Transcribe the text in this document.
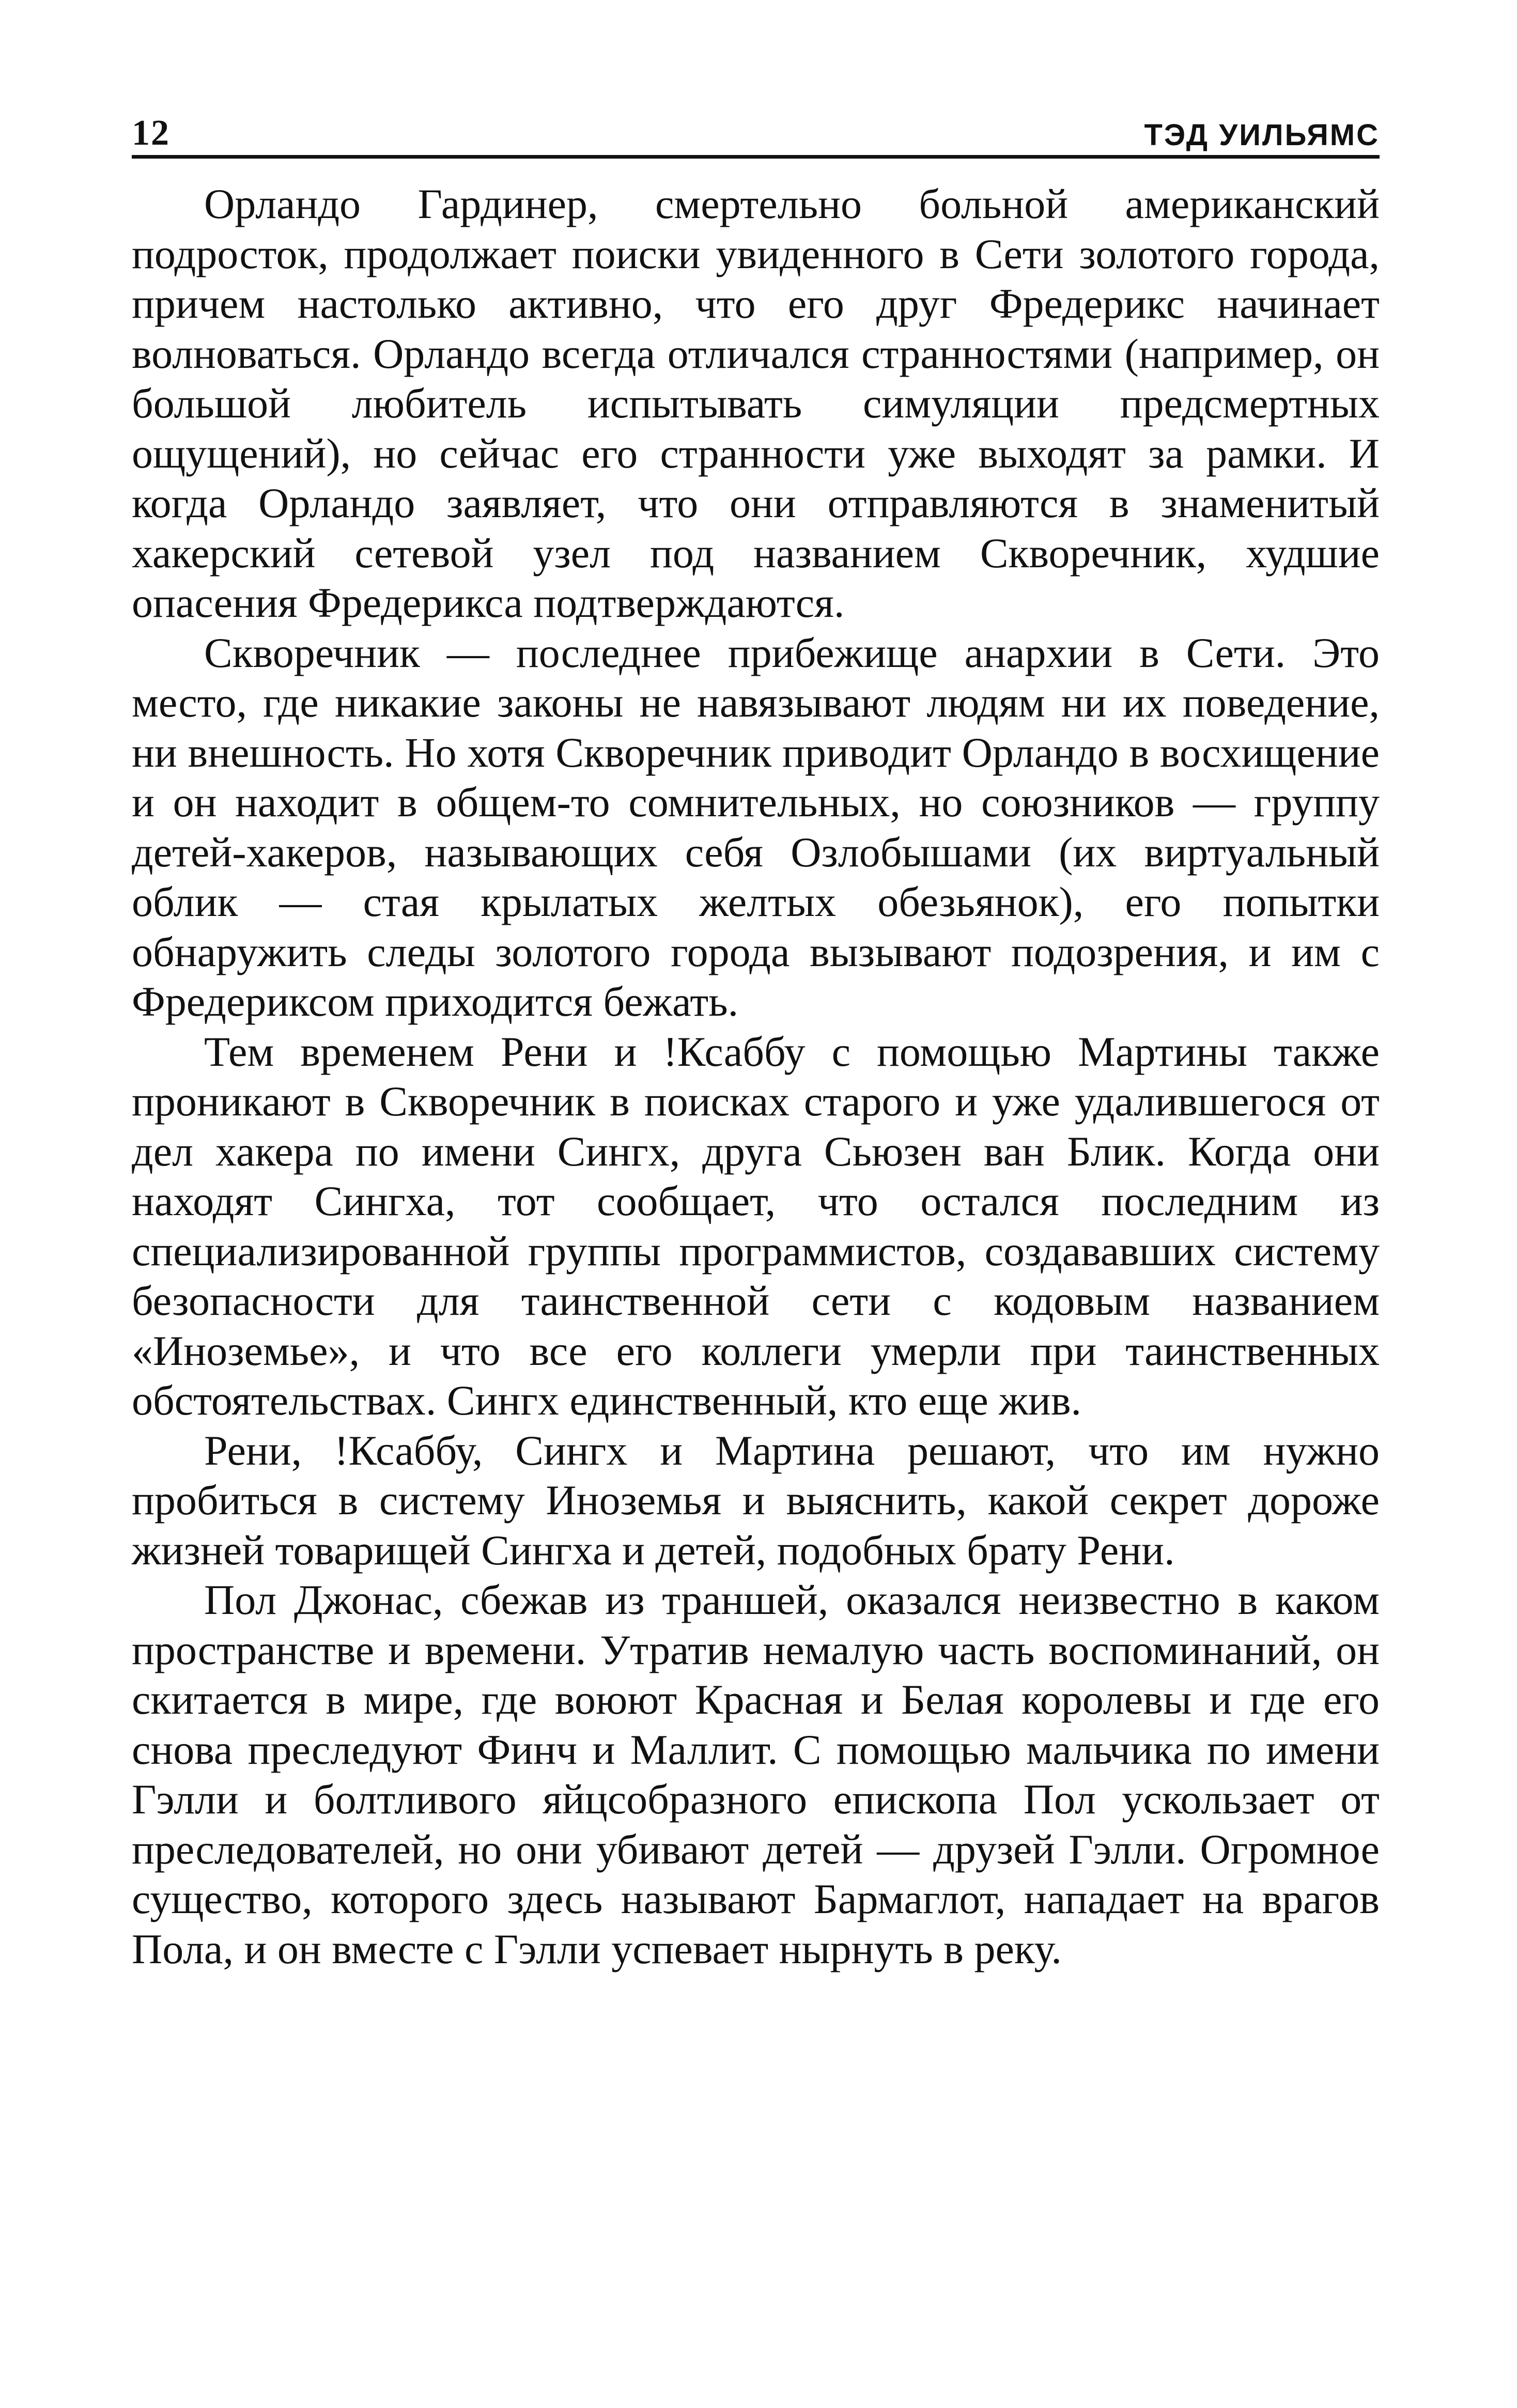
12	ТЭД УИЛЬЯМС

Орландо Гардинер, смертельно больной американский подросток, продолжает поиски увиденного в Сети золотого города, причем настолько активно, что его друг Фредерикс начинает волноваться. Орландо всегда отличался странностями (например, он большой любитель испытывать симуляции предсмертных ощущений), но сейчас его странности уже выходят за рамки. И когда Орландо заявляет, что они отправляются в знаменитый хакерский сетевой узел под названием Скворечник, худшие опасения Фредерикса подтверждаются.

Скворечник — последнее прибежище анархии в Сети. Это место, где никакие законы не навязывают людям ни их поведение, ни внешность. Но хотя Скворечник приводит Орландо в восхищение и он находит в общем-то сомнительных, но союзников — группу детей-хакеров, называющих себя Озлобышами (их виртуальный облик — стая крылатых желтых обезьянок), его попытки обнаружить следы золотого города вызывают подозрения, и им с Фредериксом приходится бежать.

Тем временем Рени и !Ксаббу с помощью Мартины также проникают в Скворечник в поисках старого и уже удалившегося от дел хакера по имени Сингх, друга Сьюзен ван Блик. Когда они находят Сингха, тот сообщает, что остался последним из специализированной группы программистов, создававших систему безопасности для таинственной сети с кодовым названием «Иноземье», и что все его коллеги умерли при таинственных обстоятельствах. Сингх единственный, кто еще жив.

Рени, !Ксаббу, Сингх и Мартина решают, что им нужно пробиться в систему Иноземья и выяснить, какой секрет дороже жизней товарищей Сингха и детей, подобных брату Рени.

Пол Джонас, сбежав из траншей, оказался неизвестно в каком пространстве и времени. Утратив немалую часть воспоминаний, он скитается в мире, где воюют Красная и Белая королевы и где его снова преследуют Финч и Маллит. С помощью мальчика по имени Гэлли и болтливого яйцсобразного епископа Пол ускользает от преследователей, но они убивают детей — друзей Гэлли. Огромное существо, которого здесь называют Бармаглот, нападает на врагов Пола, и он вместе с Гэлли успевает нырнуть в реку.
